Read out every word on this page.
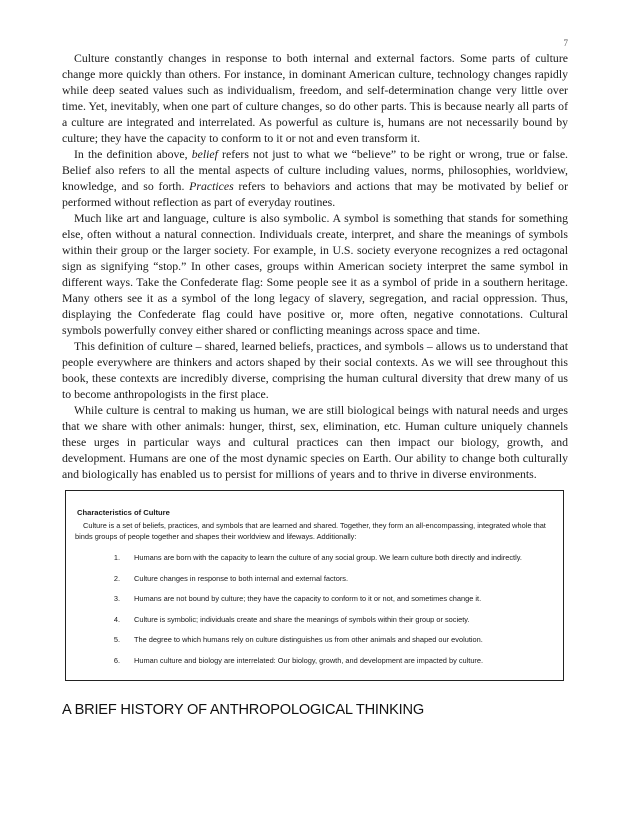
7

Culture constantly changes in response to both internal and external factors. Some parts of culture change more quickly than others. For instance, in dominant American culture, technology changes rapidly while deep seated values such as individualism, freedom, and self-determination change very little over time. Yet, inevitably, when one part of culture changes, so do other parts. This is because nearly all parts of a culture are integrated and interrelated. As powerful as culture is, humans are not necessarily bound by culture; they have the capacity to conform to it or not and even transform it.

In the definition above, belief refers not just to what we “believe” to be right or wrong, true or false. Belief also refers to all the mental aspects of culture including values, norms, philosophies, worldview, knowledge, and so forth. Practices refers to behaviors and actions that may be motivated by belief or performed without reflection as part of everyday routines.

Much like art and language, culture is also symbolic. A symbol is something that stands for something else, often without a natural connection. Individuals create, interpret, and share the meanings of symbols within their group or the larger society. For example, in U.S. society everyone recognizes a red octagonal sign as signifying “stop.” In other cases, groups within American society interpret the same symbol in different ways. Take the Confederate flag: Some people see it as a symbol of pride in a southern heritage. Many others see it as a symbol of the long legacy of slavery, segregation, and racial oppression. Thus, displaying the Confederate flag could have positive or, more often, negative connotations. Cultural symbols powerfully convey either shared or conflicting meanings across space and time.

This definition of culture – shared, learned beliefs, practices, and symbols – allows us to understand that people everywhere are thinkers and actors shaped by their social contexts. As we will see throughout this book, these contexts are incredibly diverse, comprising the human cultural diversity that drew many of us to become anthropologists in the first place.

While culture is central to making us human, we are still biological beings with natural needs and urges that we share with other animals: hunger, thirst, sex, elimination, etc. Human culture uniquely channels these urges in particular ways and cultural practices can then impact our biology, growth, and development. Humans are one of the most dynamic species on Earth. Our ability to change both culturally and biologically has enabled us to persist for millions of years and to thrive in diverse environments.

Characteristics of Culture
Culture is a set of beliefs, practices, and symbols that are learned and shared. Together, they form an all-encompassing, integrated whole that binds groups of people together and shapes their worldview and lifeways. Additionally:
1. Humans are born with the capacity to learn the culture of any social group. We learn culture both directly and indirectly.
2. Culture changes in response to both internal and external factors.
3. Humans are not bound by culture; they have the capacity to conform to it or not, and sometimes change it.
4. Culture is symbolic; individuals create and share the meanings of symbols within their group or society.
5. The degree to which humans rely on culture distinguishes us from other animals and shaped our evolution.
6. Human culture and biology are interrelated: Our biology, growth, and development are impacted by culture.
A BRIEF HISTORY OF ANTHROPOLOGICAL THINKING
